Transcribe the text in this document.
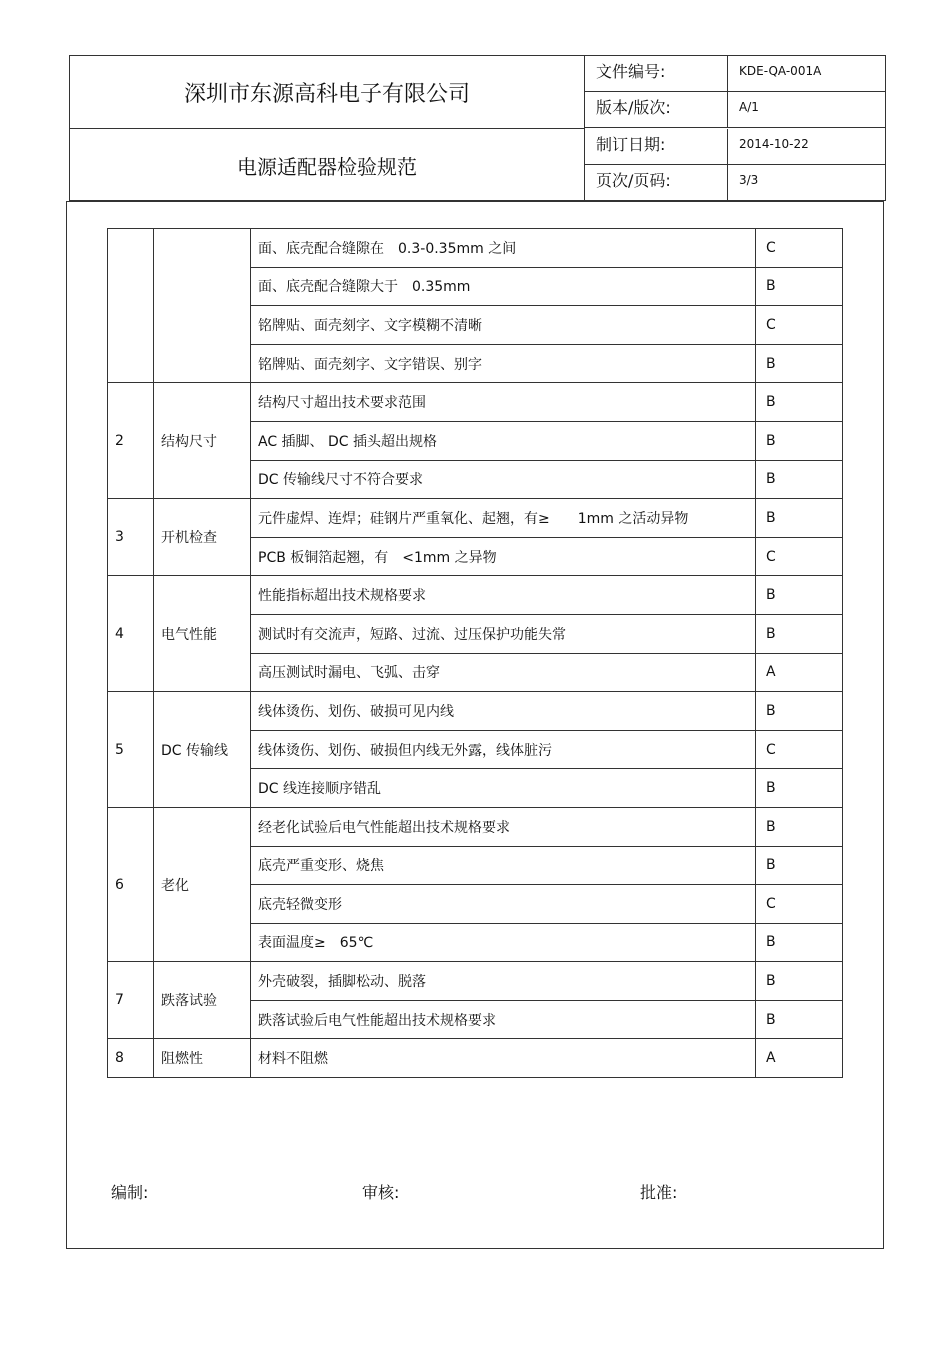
深圳市东源高科电子有限公司
电源适配器检验规范
文件编号:	KDE-QA-001A
版本/版次:	A/1
制订日期:	2014-10-22
页次/页码:	3/3
		面、底壳配合缝隙在　0.3-0.35mm 之间	C
		面、底壳配合缝隙大于　0.35mm	B
		铭牌贴、面壳刻字、文字模糊不清晰	C
		铭牌贴、面壳刻字、文字错误、别字	B
2	结构尺寸	结构尺寸超出技术要求范围	B
		AC 插脚、 DC 插头超出规格	B
		DC 传输线尺寸不符合要求	B
3	开机检查	元件虚焊、连焊；硅钢片严重氧化、起翘，有≥　　1mm 之活动异物	B
		PCB 板铜箔起翘，有　<1mm 之异物	C
4	电气性能	性能指标超出技术规格要求	B
		测试时有交流声，短路、过流、过压保护功能失常	B
		高压测试时漏电、飞弧、击穿	A
5	DC 传输线	线体烫伤、划伤、破损可见内线	B
		线体烫伤、划伤、破损但内线无外露，线体脏污	C
		DC 线连接顺序错乱	B
6	老化	经老化试验后电气性能超出技术规格要求	B
		底壳严重变形、烧焦	B
		底壳轻微变形	C
		表面温度≥　65℃	B
7	跌落试验	外壳破裂，插脚松动、脱落	B
		跌落试验后电气性能超出技术规格要求	B
8	阻燃性	材料不阻燃	A
编制:	审核:	批准:
